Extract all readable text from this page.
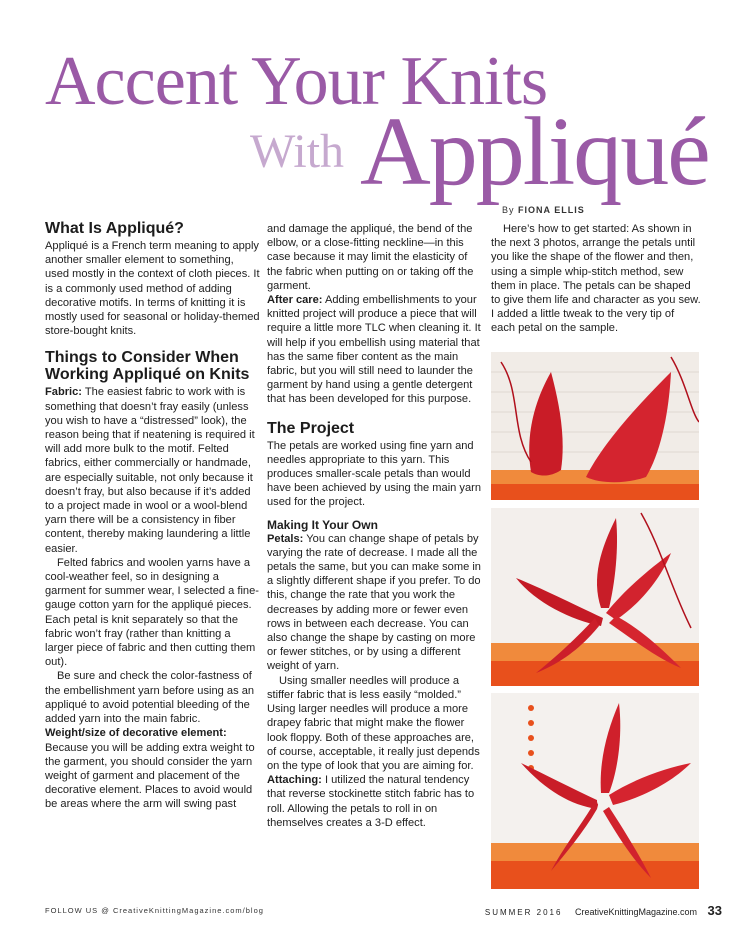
Accent Your Knits
With Appliqué
By FIONA ELLIS
What Is Appliqué?

Appliqué is a French term meaning to apply another smaller element to something, used mostly in the context of cloth pieces. It is a commonly used method of adding decorative motifs. In terms of knitting it is mostly used for seasonal or holiday-themed store-bought knits.

Things to Consider When Working Appliqué on Knits

Fabric: The easiest fabric to work with is something that doesn’t fray easily (unless you wish to have a “distressed” look), the reason being that if neatening is required it will add more bulk to the motif. Felted fabrics, either commercially or handmade, are especially suitable, not only because it doesn’t fray, but also because if it’s added to a project made in wool or a wool-blend yarn there will be a consistency in fiber content, thereby making laundering a little easier.

Felted fabrics and woolen yarns have a cool-weather feel, so in designing a garment for summer wear, I selected a fine-gauge cotton yarn for the appliqué pieces. Each petal is knit separately so that the fabric won’t fray (rather than knitting a larger piece of fabric and then cutting them out).

Be sure and check the color-fastness of the embellishment yarn before using as an appliqué to avoid potential bleeding of the added yarn into the main fabric.

Weight/size of decorative element: Because you will be adding extra weight to the garment, you should consider the yarn weight of garment and placement of the decorative element. Places to avoid would be areas where the arm will swing past

and damage the appliqué, the bend of the elbow, or a close-fitting neckline—in this case because it may limit the elasticity of the fabric when putting on or taking off the garment.

After care: Adding embellishments to your knitted project will produce a piece that will require a little more TLC when cleaning it. It will help if you embellish using material that has the same fiber content as the main fabric, but you will still need to launder the garment by hand using a gentle detergent that has been developed for this purpose.

The Project

The petals are worked using fine yarn and needles appropriate to this yarn. This produces smaller-scale petals than would have been achieved by using the main yarn used for the project.

Making It Your Own

Petals: You can change shape of petals by varying the rate of decrease. I made all the petals the same, but you can make some in a slightly different shape if you prefer. To do this, change the rate that you work the decreases by adding more or fewer even rows in between each decrease. You can also change the shape by casting on more or fewer stitches, or by using a different weight of yarn.

Using smaller needles will produce a stiffer fabric that is less easily “molded.” Using larger needles will produce a more drapey fabric that might make the flower look floppy. Both of these approaches are, of course, acceptable, it really just depends on the type of look that you are aiming for.

Attaching: I utilized the natural tendency that reverse stockinette stitch fabric has to roll. Allowing the petals to roll in on themselves creates a 3-D effect.

Here’s how to get started: As shown in the next 3 photos, arrange the petals until you like the shape of the flower and then, using a simple whip-stitch method, sew them in place. The petals can be shaped to give them life and character as you sew. I added a little tweak to the very tip of each petal on the sample.

FOLLOW US @ CreativeKnittingMagazine.com/blog	SUMMER 2016 CreativeKnittingMagazine.com 33
